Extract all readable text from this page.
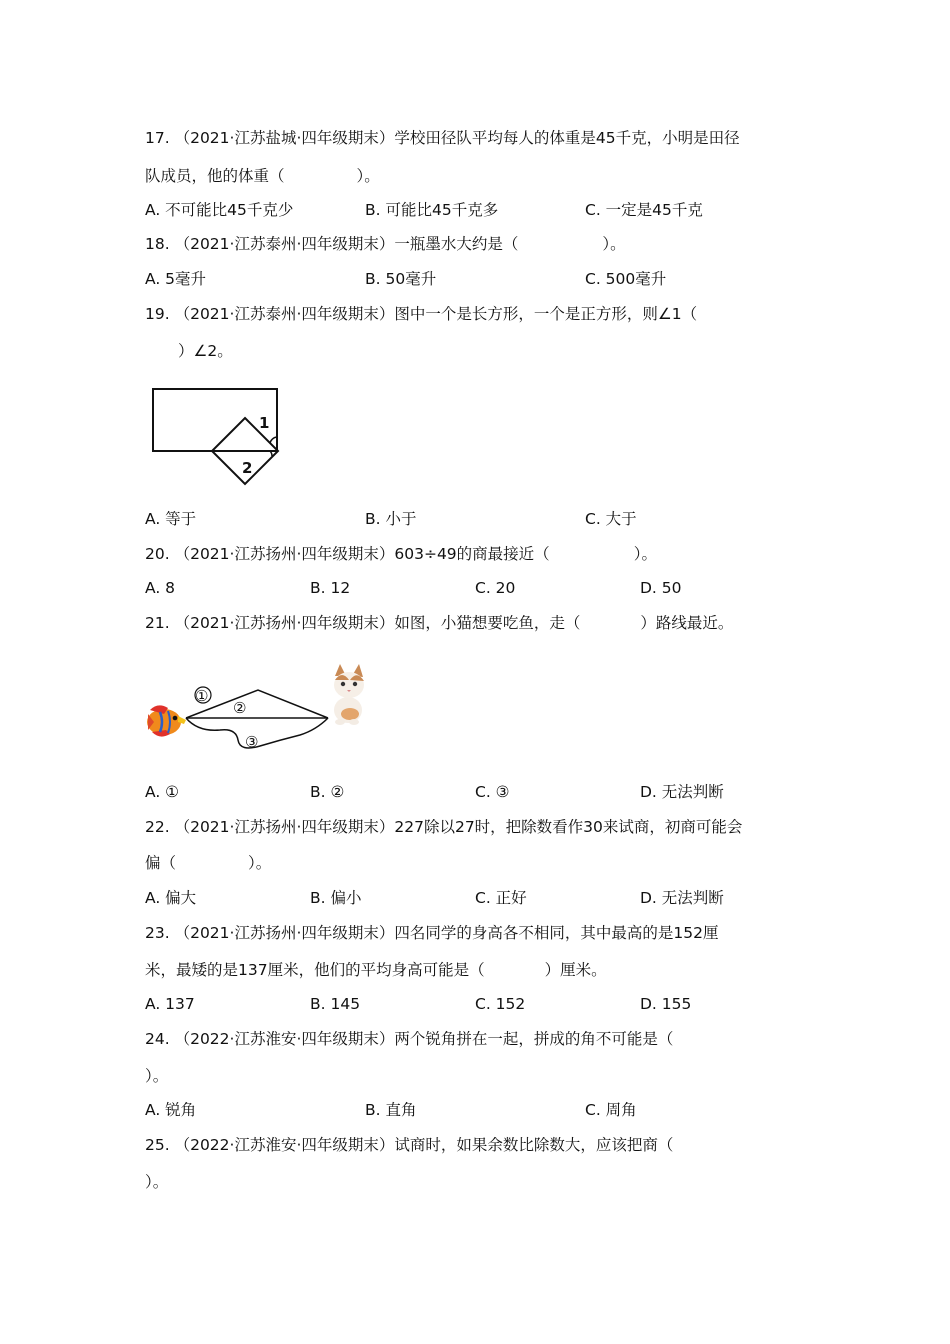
17. （2021·江苏盐城·四年级期末）学校田径队平均每人的体重是45千克，小明是田径
队成员，他的体重（	）。
A. 不可能比45千克少	B. 可能比45千克多	C. 一定是45千克
18. （2021·江苏泰州·四年级期末）一瓶墨水大约是（	）。
A. 5毫升	B. 50毫升	C. 500毫升
19. （2021·江苏泰州·四年级期末）图中一个是长方形，一个是正方形，则∠1（
）∠2。
1
2
A. 等于	B. 小于	C. 大于
20. （2021·江苏扬州·四年级期末）603÷49的商最接近（	）。
A. 8	B. 12	C. 20	D. 50
21. （2021·江苏扬州·四年级期末）如图，小猫想要吃鱼，走（	）路线最近。
①
②
③
A. ①	B. ②	C. ③	D. 无法判断
22. （2021·江苏扬州·四年级期末）227除以27时，把除数看作30来试商，初商可能会
偏（	）。
A. 偏大	B. 偏小	C. 正好	D. 无法判断
23. （2021·江苏扬州·四年级期末）四名同学的身高各不相同，其中最高的是152厘
米，最矮的是137厘米，他们的平均身高可能是（	）厘米。
A. 137	B. 145	C. 152	D. 155
24. （2022·江苏淮安·四年级期末）两个锐角拼在一起，拼成的角不可能是（
）。
A. 锐角	B. 直角	C. 周角
25. （2022·江苏淮安·四年级期末）试商时，如果余数比除数大，应该把商（
）。
